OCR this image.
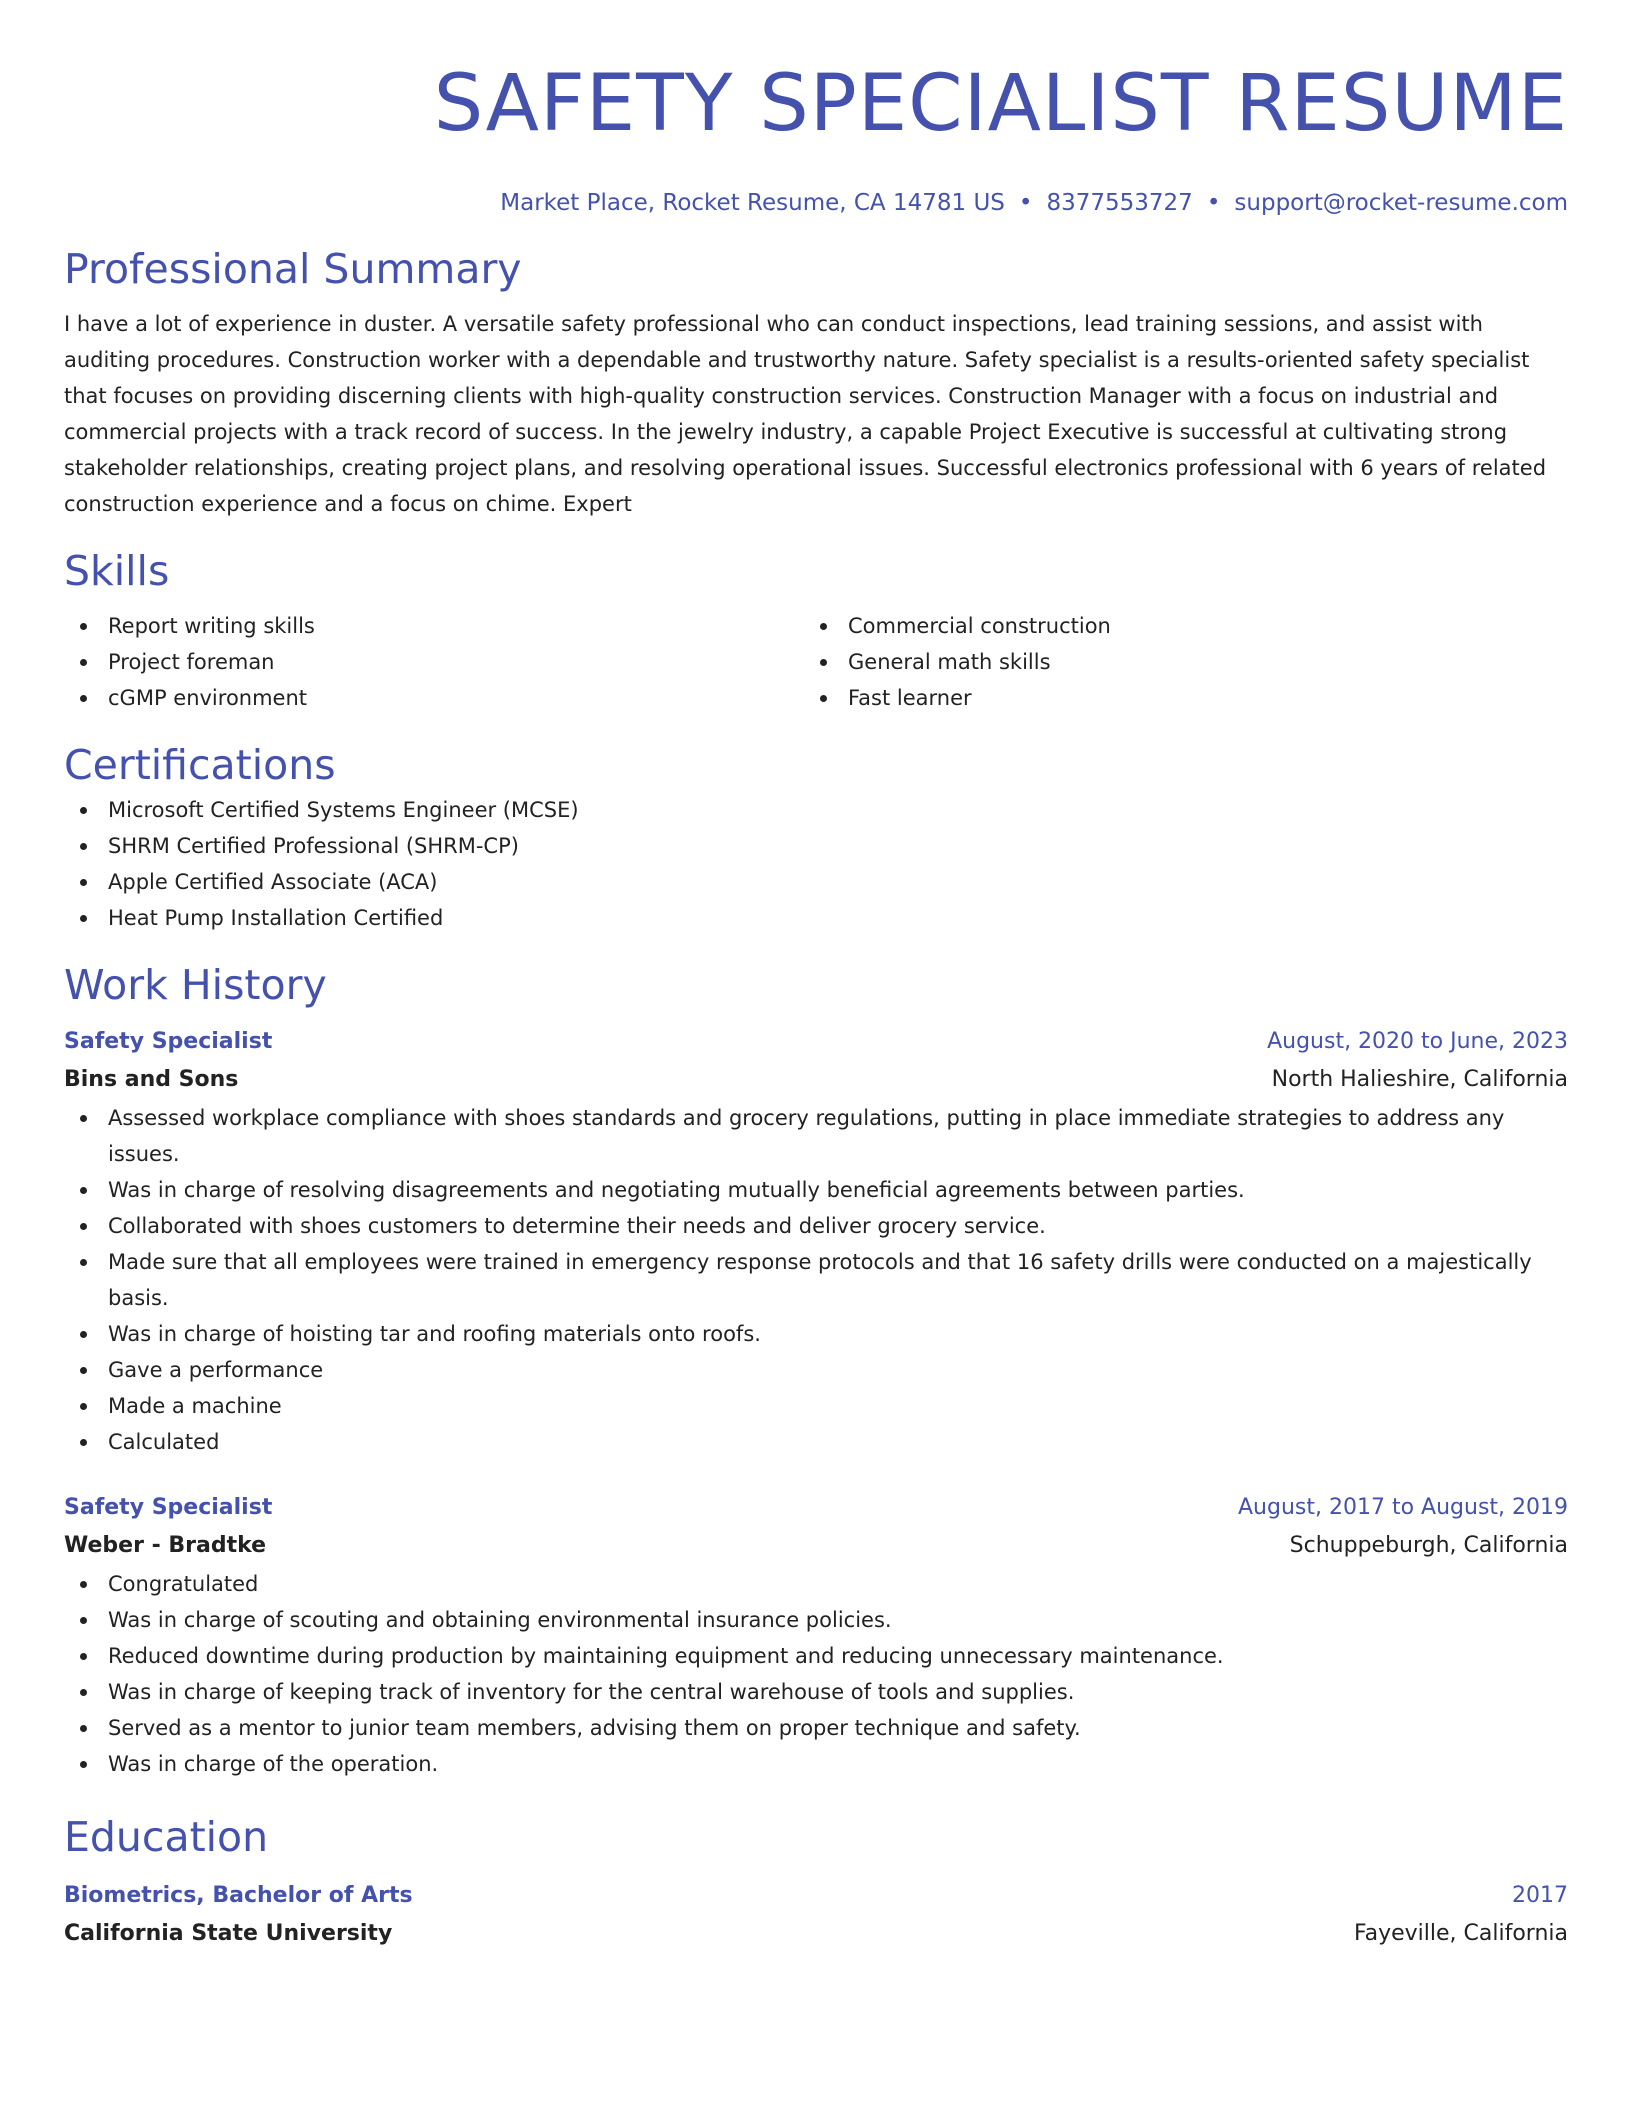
SAFETY SPECIALIST RESUME
Market Place, Rocket Resume, CA 14781 US • 8377553727 • support@rocket-resume.com
Professional Summary
I have a lot of experience in duster. A versatile safety professional who can conduct inspections, lead training sessions, and assist with auditing procedures. Construction worker with a dependable and trustworthy nature. Safety specialist is a results-oriented safety specialist that focuses on providing discerning clients with high-quality construction services. Construction Manager with a focus on industrial and commercial projects with a track record of success. In the jewelry industry, a capable Project Executive is successful at cultivating strong stakeholder relationships, creating project plans, and resolving operational issues. Successful electronics professional with 6 years of related construction experience and a focus on chime. Expert
Skills
Report writing skills
Project foreman
cGMP environment
Commercial construction
General math skills
Fast learner
Certifications
Microsoft Certified Systems Engineer (MCSE)
SHRM Certified Professional (SHRM-CP)
Apple Certified Associate (ACA)
Heat Pump Installation Certified
Work History
Safety Specialist	August, 2020 to June, 2023
Bins and Sons	North Halieshire, California
Assessed workplace compliance with shoes standards and grocery regulations, putting in place immediate strategies to address any issues.
Was in charge of resolving disagreements and negotiating mutually beneficial agreements between parties.
Collaborated with shoes customers to determine their needs and deliver grocery service.
Made sure that all employees were trained in emergency response protocols and that 16 safety drills were conducted on a majestically basis.
Was in charge of hoisting tar and roofing materials onto roofs.
Gave a performance
Made a machine
Calculated
Safety Specialist	August, 2017 to August, 2019
Weber - Bradtke	Schuppeburgh, California
Congratulated
Was in charge of scouting and obtaining environmental insurance policies.
Reduced downtime during production by maintaining equipment and reducing unnecessary maintenance.
Was in charge of keeping track of inventory for the central warehouse of tools and supplies.
Served as a mentor to junior team members, advising them on proper technique and safety.
Was in charge of the operation.
Education
Biometrics, Bachelor of Arts	2017
California State University	Fayeville, California
